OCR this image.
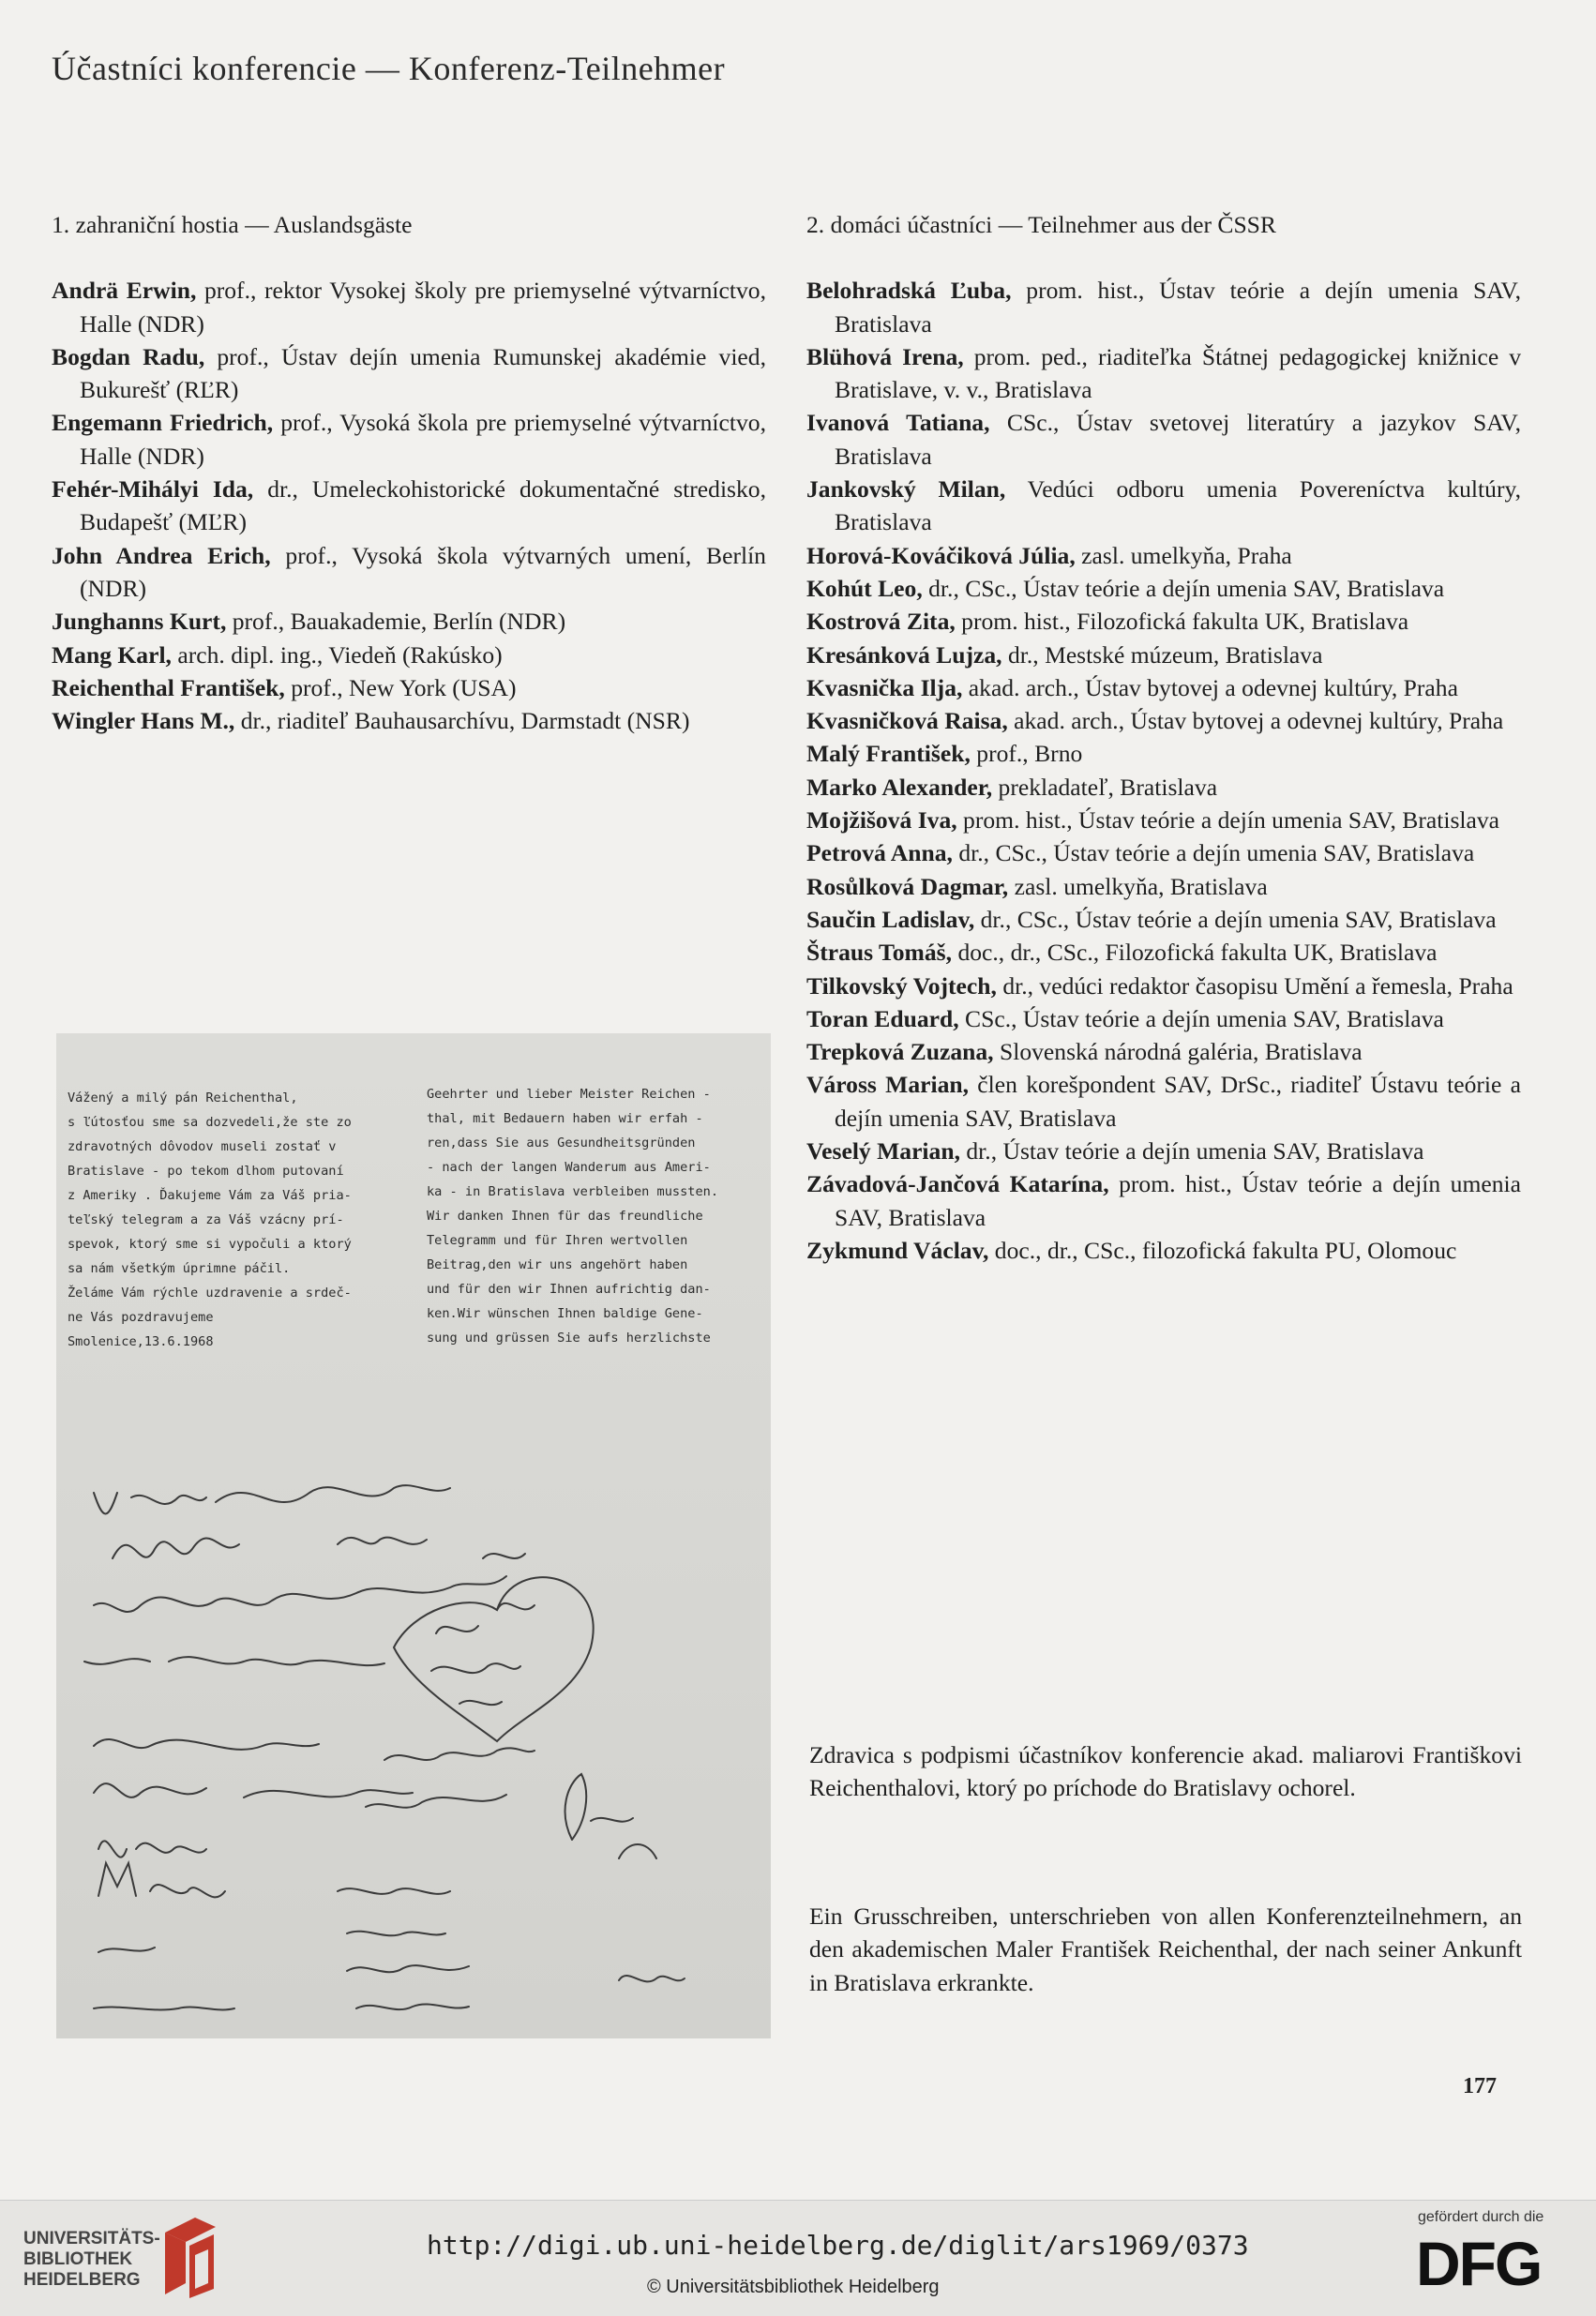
Účastníci konferencie — Konferenz-Teilnehmer
1. zahraniční hostia — Auslandsgäste
Andrä Erwin, prof., rektor Vysokej školy pre priemyselné výtvarníctvo, Halle (NDR)
Bogdan Radu, prof., Ústav dejín umenia Rumunskej akadémie vied, Bukurešť (RĽR)
Engemann Friedrich, prof., Vysoká škola pre priemyselné výtvarníctvo, Halle (NDR)
Fehér-Mihályi Ida, dr., Umeleckohistorické dokumentačné stredisko, Budapešť (MĽR)
John Andrea Erich, prof., Vysoká škola výtvarných umení, Berlín (NDR)
Junghanns Kurt, prof., Bauakademie, Berlín (NDR)
Mang Karl, arch. dipl. ing., Viedeň (Rakúsko)
Reichenthal František, prof., New York (USA)
Wingler Hans M., dr., riaditeľ Bauhausarchívu, Darmstadt (NSR)
2. domáci účastníci — Teilnehmer aus der ČSSR
Belohradská Ľuba, prom. hist., Ústav teórie a dejín umenia SAV, Bratislava
Blühová Irena, prom. ped., riaditeľka Štátnej pedagogickej knižnice v Bratislave, v. v., Bratislava
Ivanová Tatiana, CSc., Ústav svetovej literatúry a jazykov SAV, Bratislava
Jankovský Milan, Vedúci odboru umenia Povereníctva kultúry, Bratislava
Horová-Kováčiková Júlia, zasl. umelkyňa, Praha
Kohút Leo, dr., CSc., Ústav teórie a dejín umenia SAV, Bratislava
Kostrová Zita, prom. hist., Filozofická fakulta UK, Bratislava
Kresánková Lujza, dr., Mestské múzeum, Bratislava
Kvasnička Ilja, akad. arch., Ústav bytovej a odevnej kultúry, Praha
Kvasničková Raisa, akad. arch., Ústav bytovej a odevnej kultúry, Praha
Malý František, prof., Brno
Marko Alexander, prekladateľ, Bratislava
Mojžišová Iva, prom. hist., Ústav teórie a dejín umenia SAV, Bratislava
Petrová Anna, dr., CSc., Ústav teórie a dejín umenia SAV, Bratislava
Rosůlková Dagmar, zasl. umelkyňa, Bratislava
Saučin Ladislav, dr., CSc., Ústav teórie a dejín umenia SAV, Bratislava
Štraus Tomáš, doc., dr., CSc., Filozofická fakulta UK, Bratislava
Tilkovský Vojtech, dr., vedúci redaktor časopisu Umění a řemesla, Praha
Toran Eduard, CSc., Ústav teórie a dejín umenia SAV, Bratislava
Trepková Zuzana, Slovenská národná galéria, Bratislava
Váross Marian, člen korešpondent SAV, DrSc., riaditeľ Ústavu teórie a dejín umenia SAV, Bratislava
Veselý Marian, dr., Ústav teórie a dejín umenia SAV, Bratislava
Závadová-Jančová Katarína, prom. hist., Ústav teórie a dejín umenia SAV, Bratislava
Zykmund Václav, doc., dr., CSc., filozofická fakulta PU, Olomouc
Vážený a milý pán Reichenthal,
s ľútosťou sme sa dozvedeli,že ste zo
zdravotných dôvodov museli zostať v
Bratislave - po tekom dlhom putovaní
z Ameriky . Ďakujeme Vám za Váš pria-
teľský telegram a za Váš vzácny prí-
spevok, ktorý sme si vypočuli a ktorý
sa nám všetkým úprimne páčil.
Želáme Vám rýchle uzdravenie a srdeč-
ne Vás pozdravujeme
Smolenice,13.6.1968
Geehrter und lieber Meister Reichen -
thal, mit Bedauern haben wir erfah -
ren,dass Sie aus Gesundheitsgründen
- nach der langen Wanderum aus Ameri-
ka - in Bratislava verbleiben mussten.
Wir danken Ihnen für das freundliche
Telegramm und für Ihren wertvollen
Beitrag,den wir uns angehört haben
und für den wir Ihnen aufrichtig dan-
ken.Wir wünschen Ihnen baldige Gene-
sung und grüssen Sie aufs herzlichste
Zdravica s podpismi účastníkov konferencie akad. maliarovi Františkovi Reichenthalovi, ktorý po príchode do Bratislavy ochorel.
Ein Grusschreiben, unterschrieben von allen Konferenzteilnehmern, an den akademischen Maler František Reichenthal, der nach seiner Ankunft in Bratislava erkrankte.
177
UNIVERSITÄTS-
BIBLIOTHEK
HEIDELBERG
http://digi.ub.uni-heidelberg.de/diglit/ars1969/0373
© Universitätsbibliothek Heidelberg
gefördert durch die
DFG
